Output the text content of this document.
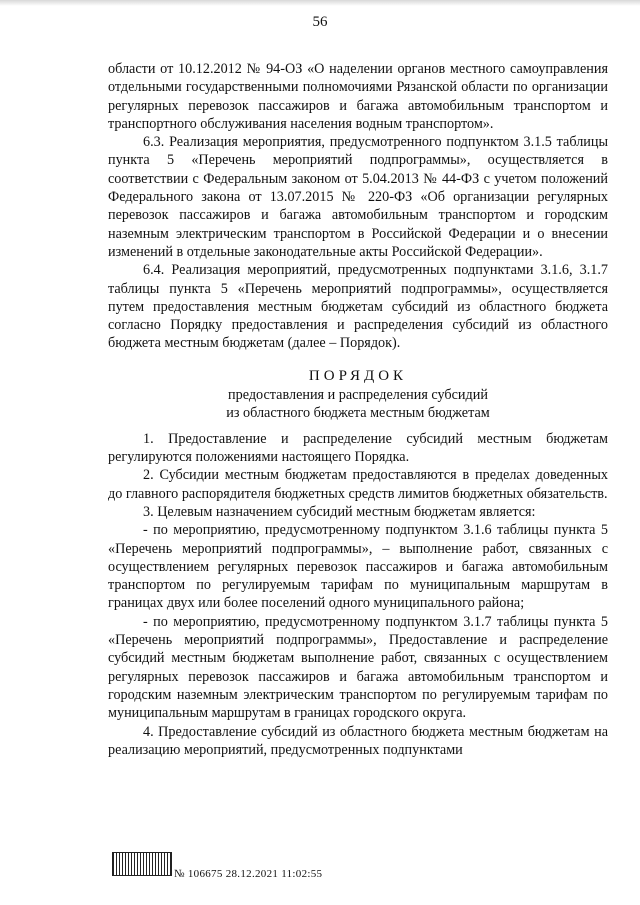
56

области от 10.12.2012 № 94-ОЗ «О наделении органов местного самоуправления отдельными государственными полномочиями Рязанской области по организации регулярных перевозок пассажиров и багажа автомобильным транспортом и транспортного обслуживания населения водным транспортом».

6.3. Реализация мероприятия, предусмотренного подпунктом 3.1.5 таблицы пункта 5 «Перечень мероприятий подпрограммы», осуществляется в соответствии с Федеральным законом от 5.04.2013 № 44-ФЗ с учетом положений Федерального закона от 13.07.2015 № 220-ФЗ «Об организации регулярных перевозок пассажиров и багажа автомобильным транспортом и городским наземным электрическим транспортом в Российской Федерации и о внесении изменений в отдельные законодательные акты Российской Федерации».

6.4. Реализация мероприятий, предусмотренных подпунктами 3.1.6, 3.1.7 таблицы пункта 5 «Перечень мероприятий подпрограммы», осуществляется путем предоставления местным бюджетам субсидий из областного бюджета согласно Порядку предоставления и распределения субсидий из областного бюджета местным бюджетам (далее – Порядок).

ПОРЯДОК
предоставления и распределения субсидий
из областного бюджета местным бюджетам

1. Предоставление и распределение субсидий местным бюджетам регулируются положениями настоящего Порядка.

2. Субсидии местным бюджетам предоставляются в пределах доведенных до главного распорядителя бюджетных средств лимитов бюджетных обязательств.

3. Целевым назначением субсидий местным бюджетам является:

- по мероприятию, предусмотренному подпунктом 3.1.6 таблицы пункта 5 «Перечень мероприятий подпрограммы», – выполнение работ, связанных с осуществлением регулярных перевозок пассажиров и багажа автомобильным транспортом по регулируемым тарифам по муниципальным маршрутам в границах двух или более поселений одного муниципального района;

- по мероприятию, предусмотренному подпунктом 3.1.7 таблицы пункта 5 «Перечень мероприятий подпрограммы», Предоставление и распределение субсидий местным бюджетам выполнение работ, связанных с осуществлением регулярных перевозок пассажиров и багажа автомобильным транспортом и городским наземным электрическим транспортом по регулируемым тарифам по муниципальным маршрутам в границах городского округа.

4. Предоставление субсидий из областного бюджета местным бюджетам на реализацию мероприятий, предусмотренных подпунктами

№ 106675 28.12.2021 11:02:55
